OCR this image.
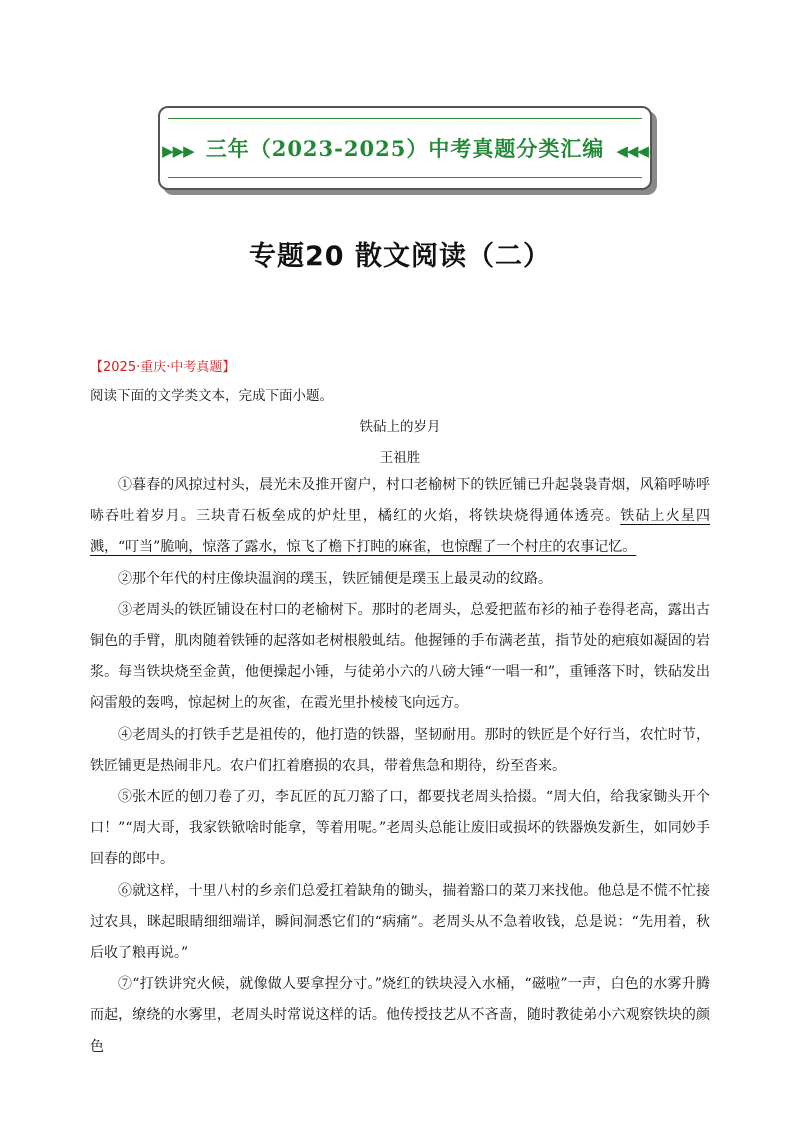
▶▶▶ 三年（2023-2025）中考真题分类汇编 ◀◀◀
专题20 散文阅读（二）
【2025·重庆·中考真题】
阅读下面的文学类文本，完成下面小题。
铁砧上的岁月
王祖胜

①暮春的风掠过村头，晨光未及推开窗户，村口老榆树下的铁匠铺已升起袅袅青烟，风箱呼哧呼哧吞吐着岁月。三块青石板垒成的炉灶里，橘红的火焰，将铁块烧得通体透亮。铁砧上火星四溅，“叮当”脆响，惊落了露水，惊飞了檐下打盹的麻雀，也惊醒了一个村庄的农事记忆。

②那个年代的村庄像块温润的璞玉，铁匠铺便是璞玉上最灵动的纹路。

③老周头的铁匠铺设在村口的老榆树下。那时的老周头，总爱把蓝布衫的袖子卷得老高，露出古铜色的手臂，肌肉随着铁锤的起落如老树根般虬结。他握锤的手布满老茧，指节处的疤痕如凝固的岩浆。每当铁块烧至金黄，他便操起小锤，与徒弟小六的八磅大锤“一唱一和”，重锤落下时，铁砧发出闷雷般的轰鸣，惊起树上的灰雀，在霞光里扑棱棱飞向远方。

④老周头的打铁手艺是祖传的，他打造的铁器，坚韧耐用。那时的铁匠是个好行当，农忙时节，铁匠铺更是热闹非凡。农户们扛着磨损的农具，带着焦急和期待，纷至沓来。

⑤张木匠的刨刀卷了刃，李瓦匠的瓦刀豁了口，都要找老周头拾掇。“周大伯，给我家锄头开个口！”“周大哥，我家铁锨啥时能拿，等着用呢。”老周头总能让废旧或损坏的铁器焕发新生，如同妙手回春的郎中。

⑥就这样，十里八村的乡亲们总爱扛着缺角的锄头，揣着豁口的菜刀来找他。他总是不慌不忙接过农具，眯起眼睛细细端详，瞬间洞悉它们的“病痛”。老周头从不急着收钱，总是说：“先用着，秋后收了粮再说。”

⑦“打铁讲究火候，就像做人要拿捏分寸。”烧红的铁块浸入水桶，“磁啦”一声，白色的水雾升腾而起，缭绕的水雾里，老周头时常说这样的话。他传授技艺从不吝啬，随时教徒弟小六观察铁块的颜色
